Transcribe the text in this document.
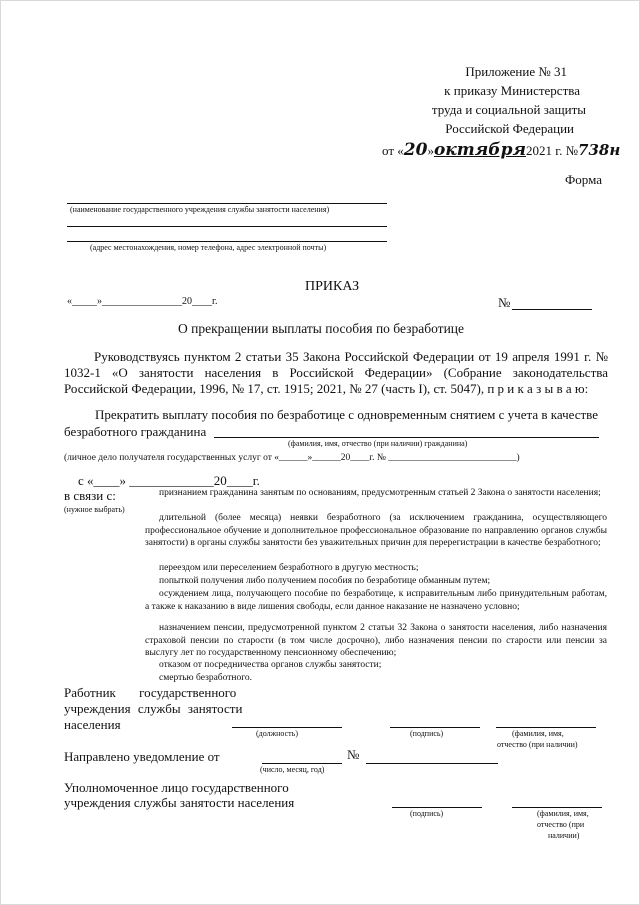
Приложение № 31
к приказу Министерства
труда и социальной защиты
Российской Федерации
от «20»октября2021 г. №738н
Форма
(наименование государственного учреждения службы занятости населения)
(адрес местонахождения, номер телефона, адрес электронной почты)
ПРИКАЗ
«_____»________________20____г.	№
О прекращении выплаты пособия по безработице
Руководствуясь пунктом 2 статьи 35 Закона Российской Федерации от 19 апреля 1991 г. № 1032-1 «О занятости населения в Российской Федерации» (Собрание законодательства Российской Федерации, 1996, № 17, ст. 1915; 2021, № 27 (часть I), ст. 5047), п р и к а з ы в а ю:
Прекратить выплату пособия по безработице с одновременным снятием с учета в качестве
безработного гражданина
(фамилия, имя, отчество (при наличии) гражданина)
(личное дело получателя государственных услуг от «______»______20____г. № ___________________________)
с «____» _____________20____г.
в связи с:
(нужное выбрать)
признанием гражданина занятым по основаниям, предусмотренным статьей 2 Закона о занятости населения;
длительной (более месяца) неявки безработного (за исключением гражданина, осуществляющего профессиональное обучение и дополнительное профессиональное образование по направлению органов службы занятости) в органы службы занятости без уважительных причин для перерегистрации в качестве безработного;
переездом или переселением безработного в другую местность;
попыткой получения либо получением пособия по безработице обманным путем;
осуждением лица, получающего пособие по безработице, к исправительным либо принудительным работам, а также к наказанию в виде лишения свободы, если данное наказание не назначено условно;
назначением пенсии, предусмотренной пунктом 2 статьи 32 Закона о занятости населения, либо назначения страховой пенсии по старости (в том числе досрочно), либо назначения пенсии по старости или пенсии за выслугу лет по государственному пенсионному обеспечению;
отказом от посредничества органов службы занятости;
смертью безработного.
Работник государственного
учреждения службы занятости
населения
(должность)	(подпись)	(фамилия, имя,
отчество (при наличии)
Направлено уведомление от	№
(число, месяц, год)
Уполномоченное лицо государственного
учреждения службы занятости населения
(подпись)	(фамилия, имя,
отчество (при
наличии)
